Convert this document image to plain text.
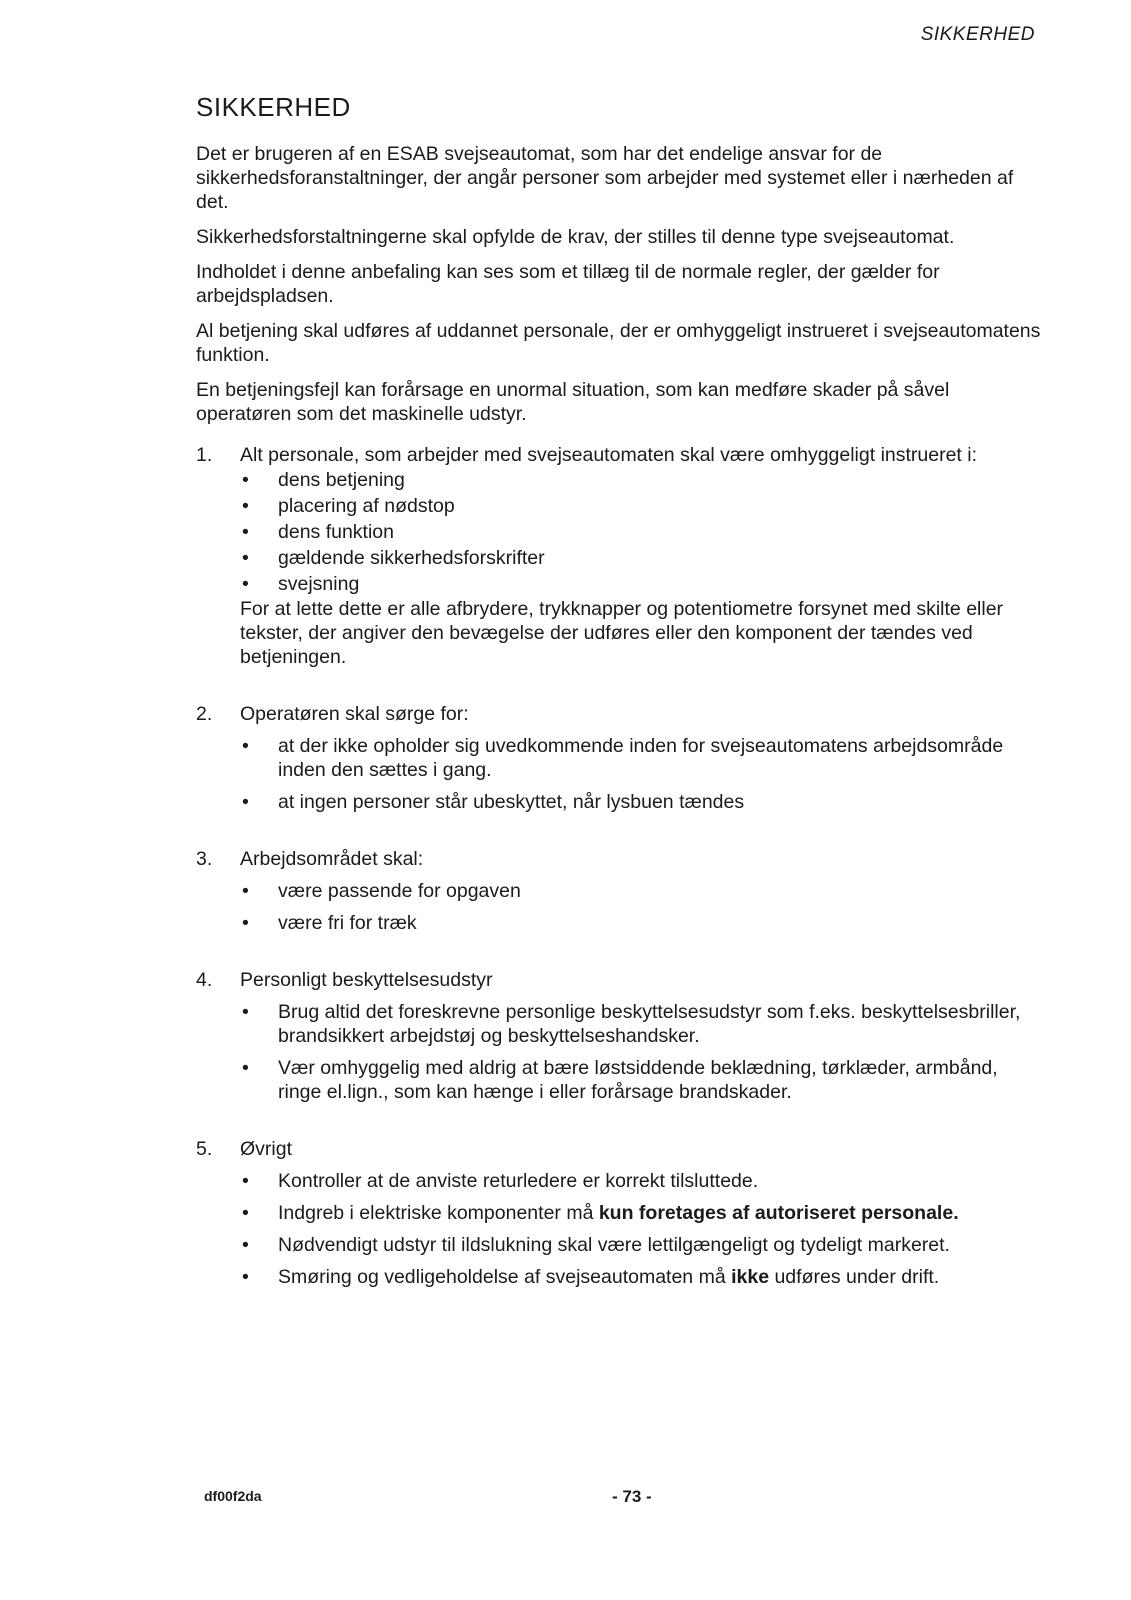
SIKKERHED
SIKKERHED

Det er brugeren af en ESAB svejseautomat, som har det endelige ansvar for de sikkerhedsforanstaltninger, der angår personer som arbejder med systemet eller i nærheden af det.

Sikkerhedsforstaltningerne skal opfylde de krav, der stilles til denne type svejseautomat.

Indholdet i denne anbefaling kan ses som et tillæg til de normale regler, der gælder for arbejdspladsen.

Al betjening skal udføres af uddannet personale, der er omhyggeligt instrueret i svejseautomatens funktion.

En betjeningsfejl kan forårsage en unormal situation, som kan medføre skader på såvel operatøren som det maskinelle udstyr.

1. Alt personale, som arbejder med svejseautomaten skal være omhyggeligt instrueret i:
• dens betjening
• placering af nødstop
• dens funktion
• gældende sikkerhedsforskrifter
• svejsning
For at lette dette er alle afbrydere, trykknapper og potentiometre forsynet med skilte eller tekster, der angiver den bevægelse der udføres eller den komponent der tændes ved betjeningen.
2. Operatøren skal sørge for:
• at der ikke opholder sig uvedkommende inden for svejseautomatens arbejdsområde inden den sættes i gang.
• at ingen personer står ubeskyttet, når lysbuen tændes
3. Arbejdsområdet skal:
• være passende for opgaven
• være fri for træk
4. Personligt beskyttelsesudstyr
• Brug altid det foreskrevne personlige beskyttelsesudstyr som f.eks. beskyttelsesbriller, brandsikkert arbejdstøj og beskyttelseshandsker.
• Vær omhyggelig med aldrig at bære løstsiddende beklædning, tørklæder, armbånd, ringe el.lign., som kan hænge i eller forårsage brandskader.
5. Øvrigt
• Kontroller at de anviste returledere er korrekt tilsluttede.
• Indgreb i elektriske komponenter må kun foretages af autoriseret personale.
• Nødvendigt udstyr til ildslukning skal være lettilgængeligt og tydeligt markeret.
• Smøring og vedligeholdelse af svejseautomaten må ikke udføres under drift.
df00f2da	- 73 -
